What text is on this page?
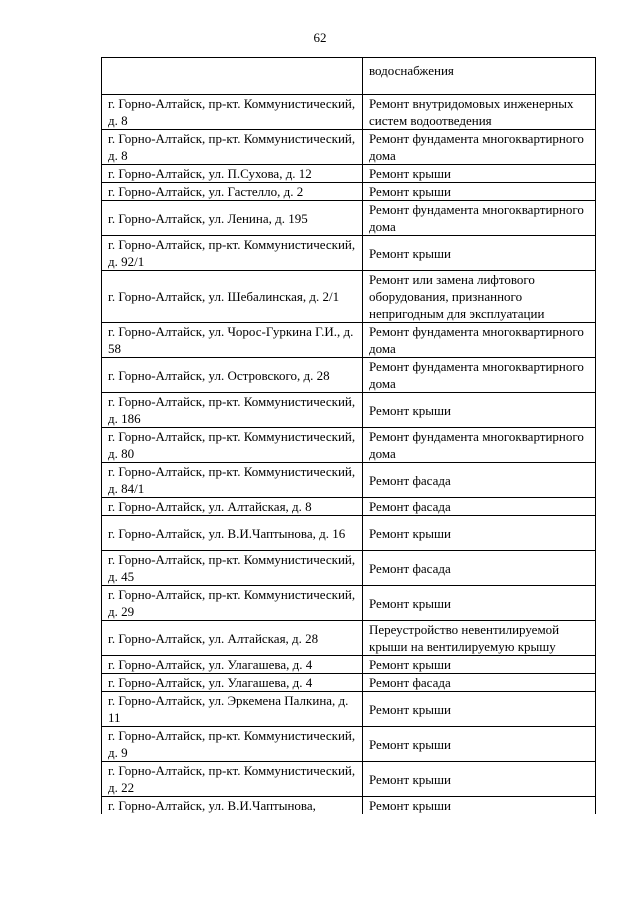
62
	водоснабжения
г. Горно-Алтайск, пр-кт. Коммунистический, д. 8	Ремонт внутридомовых инженерных систем водоотведения
г. Горно-Алтайск, пр-кт. Коммунистический, д. 8	Ремонт фундамента многоквартирного дома
г. Горно-Алтайск, ул. П.Сухова, д. 12	Ремонт крыши
г. Горно-Алтайск, ул. Гастелло, д. 2	Ремонт крыши
г. Горно-Алтайск, ул. Ленина, д. 195	Ремонт фундамента многоквартирного дома
г. Горно-Алтайск, пр-кт. Коммунистический, д. 92/1	Ремонт крыши
г. Горно-Алтайск, ул. Шебалинская, д. 2/1	Ремонт или замена лифтового оборудования, признанного непригодным для эксплуатации
г. Горно-Алтайск, ул. Чорос-Гуркина Г.И., д. 58	Ремонт фундамента многоквартирного дома
г. Горно-Алтайск, ул. Островского, д. 28	Ремонт фундамента многоквартирного дома
г. Горно-Алтайск, пр-кт. Коммунистический, д. 186	Ремонт крыши
г. Горно-Алтайск, пр-кт. Коммунистический, д. 80	Ремонт фундамента многоквартирного дома
г. Горно-Алтайск, пр-кт. Коммунистический, д. 84/1	Ремонт фасада
г. Горно-Алтайск, ул. Алтайская, д. 8	Ремонт фасада
г. Горно-Алтайск, ул. В.И.Чаптынова, д. 16	Ремонт крыши
г. Горно-Алтайск, пр-кт. Коммунистический, д. 45	Ремонт фасада
г. Горно-Алтайск, пр-кт. Коммунистический, д. 29	Ремонт крыши
г. Горно-Алтайск, ул. Алтайская, д. 28	Переустройство невентилируемой крыши на вентилируемую крышу
г. Горно-Алтайск, ул. Улагашева, д. 4	Ремонт крыши
г. Горно-Алтайск, ул. Улагашева, д. 4	Ремонт фасада
г. Горно-Алтайск, ул. Эркемена Палкина, д. 11	Ремонт крыши
г. Горно-Алтайск, пр-кт. Коммунистический, д. 9	Ремонт крыши
г. Горно-Алтайск, пр-кт. Коммунистический, д. 22	Ремонт крыши
г. Горно-Алтайск, ул. В.И.Чаптынова,	Ремонт крыши
